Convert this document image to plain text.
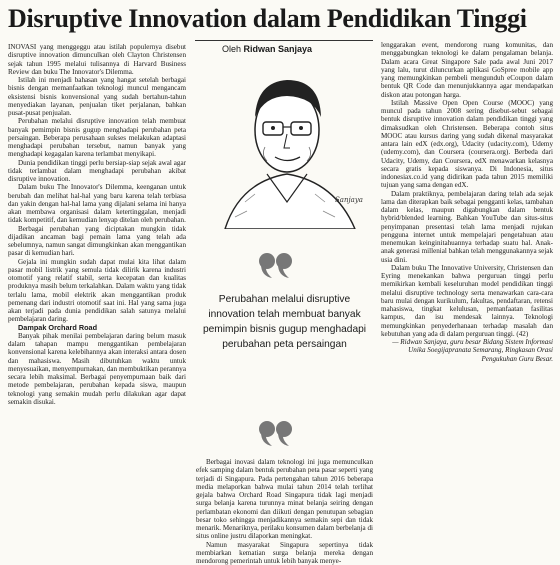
Disruptive Innovation dalam Pendidikan Tinggi

INOVASI yang menggeggu atau istilah populernya disebut disruptive innovation dimunculkan oleh Clayton Christensen sejak tahun 1995 melalui tulisannya di Harvard Business Review dan buku The Innovator's Dilemma.

Istilah ini menjadi bahasan yang hangat setelah berbagai bisnis dengan memanfaatkan teknologi muncul mengancam eksistensi bisnis konvensional yang sudah bertahun-tahun menyediakan layanan, penjualan tiket perjalanan, bahkan pusat-pusat penjualan.

Perubahan melalui disruptive innovation telah membuat banyak pemimpin bisnis gugup menghadapi perubahan peta persaingan. Beberapa perusahaan sukses melakukan adaptasi menghadapi perubahan tersebut, namun banyak yang menghadapi kegagalan karena terlambat menyikapi.

Dunia pendidikan tinggi perlu bersiap-siap sejak awal agar tidak terlambat dalam menghadapi perubahan akibat disruptive innovation.

Dalam buku The Innovator's Dilemma, keenganan untuk berubah dan melihat hal-hal yang baru karena telah terbiasa dan yakin dengan hal-hal lama yang dijalani selama ini hanya akan membawa organisasi dalam ketertinggalan, menjadi tidak kompetitif, dan kemudian lenyap ditelan oleh perubahan.

Berbagai perubahan yang diciptakan mungkin tidak dijadikan ancaman bagi pemain lama yang telah ada sebelumnya, namun sangat dimungkinkan akan menggantikan pasar di kemudian hari.

Gejala ini mungkin sudah dapat mulai kita lihat dalam pasar mobil listrik yang semula tidak dilirik karena industri otomotif yang relatif stabil, serta kecepatan dan kualitas produknya masih belum terkalahkan. Dalam waktu yang tidak terlalu lama, mobil elektrik akan menggantikan produk pemenang dari industri otomotif saat ini. Hal yang sama juga akan terjadi pada dunia pendidikan salah satunya melalui pembelajaran daring.

Dampak Orchard Road

Banyak pihak menilai pembelajaran daring belum masuk dalam tahapan mampu menggantikan pembelajaran konvensional karena kelebihannya akan interaksi antara dosen dan mahasiswa. Masih dibutuhkan waktu untuk menyesuaikan, menyempurnakan, dan membuktikan perannya secara lebih maksimal. Berbagai penyempurnaan baik dari metode pembelajaran, perubahan kepada siswa, maupun teknologi yang semakin mudah perlu dilakukan agar dapat semakin disukai.

Oleh Ridwan Sanjaya
Sanjaya
Perubahan melalui disruptive innovation telah membuat banyak pemimpin bisnis gugup menghadapi perubahan peta persaingan

Berbagai inovasi dalam teknologi ini juga memunculkan efek samping dalam bentuk perubahan peta pasar seperti yang terjadi di Singapura. Pada pertengahan tahun 2016 beberapa media melaporkan bahwa mulai tahun 2014 telah terlihat gejala bahwa Orchard Road Singapura tidak lagi menjadi surga belanja karena turunnya minat belanja seiring dengan perlambatan ekonomi dan diikuti dengan penutupan sebagian besar toko sehingga menjadikannya semakin sepi dan tidak menarik. Menariknya, perilaku konsumen dalam berbelanja di situs online justru dilaporkan meningkat.

Namun masyarakat Singapura sepertinya tidak membiarkan kematian surga belanja mereka dengan mendorong pemerintah untuk lebih banyak menye-

lenggarakan event, mendorong ruang komunitas, dan menggabungkan teknologi ke dalam pengalaman belanja. Dalam acara Great Singapore Sale pada awal Juni 2017 yang lalu, turut diluncurkan aplikasi GoSpree mobile app yang memungkinkan pembeli mengunduh eCoupon dalam bentuk QR Code dan menunjukkannya agar mendapatkan diskon atau potongan harga.

Istilah Massive Open Open Course (MOOC) yang muncul pada tahun 2008 sering disebut-sebut sebagai bentuk disruptive innovation dalam pendidikan tinggi yang dimaksudkan oleh Christensen. Beberapa contoh situs MOOC atau kursus daring yang sudah dikenal masyarakat antara lain edX (edx.org), Udacity (udacity.com), Udemy (udemy.com), dan Coursera (coursera.org). Berbeda dari Udacity, Udemy, dan Coursera, edX menawarkan kelasnya secara gratis kepada siswanya. Di Indonesia, situs indonesiax.co.id yang didirikan pada tahun 2015 memiliki tujuan yang sama dengan edX.

Dalam praktiknya, pembelajaran daring telah ada sejak lama dan diterapkan baik sebagai pengganti kelas, tambahan dalam kelas, maupun digabungkan dalam bentuk hybrid/blended learning. Bahkan YouTube dan situs-situs penyimpanan presentasi telah lama menjadi rujukan pengguna internet untuk mempelajari pengetahuan atau menemukan keinginitahuannya terhadap suatu hal. Anak-anak generasi millenial bahkan telah menggunakannya sejak usia dini.

Dalam buku The Innovative University, Christensen dan Eyring menekankan bahwa perguruan tinggi perlu memikirkan kembali keseluruhan model pendidikan tinggi melalui disruptive technology serta menawarkan cara-cara baru mulai dengan kurikulum, fakultas, pendaftaran, retensi mahasiswa, tingkat kelulusan, pemanfaatan fasilitas kampus, dan isu mendesak lainnya. Teknologi memungkinkan penyederhanaan terhadap masalah dan kebutuhan yang ada di dalam perguruan tinggi. (42)

— Ridwan Sanjaya, guru besar Bidang Sistem Informasi Unika Soegijapranata Semarang, Ringkasan Orasi Pengukuhan Guru Besar.
